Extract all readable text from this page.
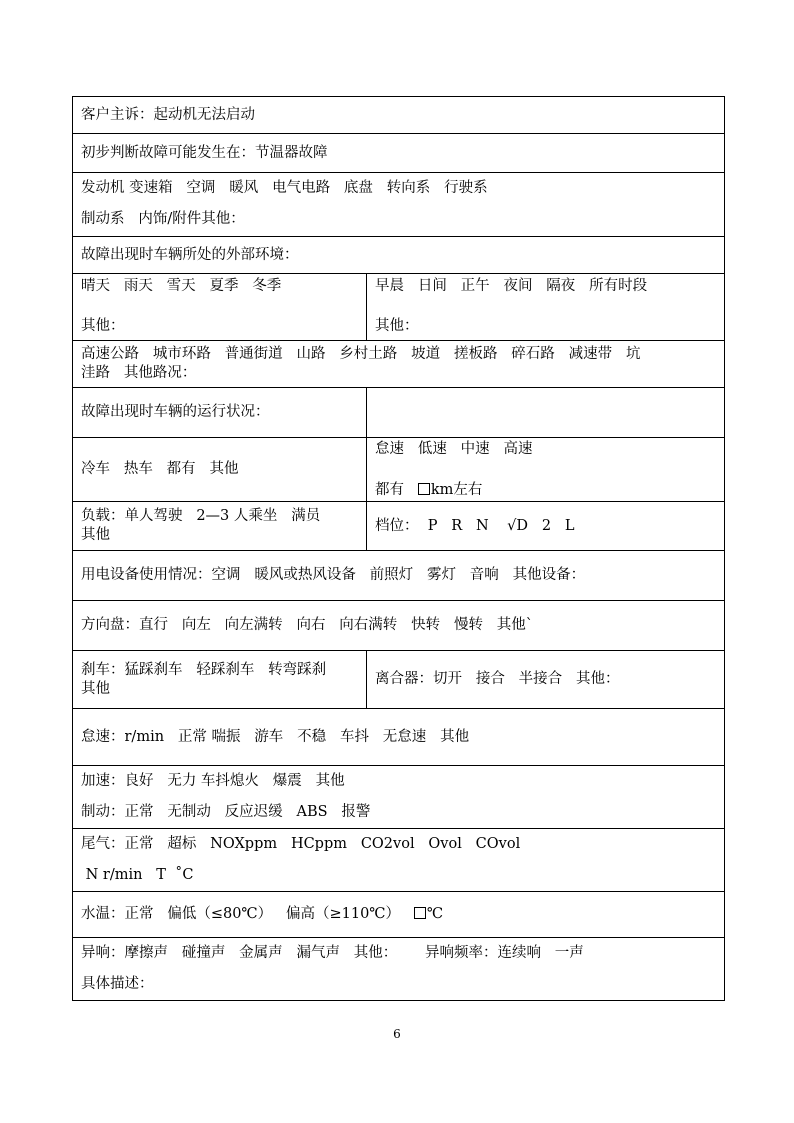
客户主诉：起动机无法启动
初步判断故障可能发生在：节温器故障
发动机 变速箱   空调   暖风   电气电路   底盘   转向系   行驶系
制动系   内饰/附件其他：
故障出现时车辆所处的外部环境：
晴天   雨天   雪天   夏季   冬季
其他：
早晨   日间   正午   夜间   隔夜   所有时段
其他：
高速公路   城市环路   普通街道   山路   乡村土路   坡道   搓板路   碎石路   减速带   坑
洼路   其他路况：
故障出现时车辆的运行状况：
冷车   热车   都有   其他
怠速   低速   中速   高速
都有 km左右
负载：单人驾驶   2—3 人乘坐   满员
其他
档位：  P   R   N    √D   2   L
用电设备使用情况：空调   暖风或热风设备   前照灯   雾灯   音响   其他设备：
方向盘：直行   向左   向左满转   向右   向右满转   快转   慢转   其他`
刹车：猛踩刹车   轻踩刹车   转弯踩刹
其他
离合器：切开   接合   半接合   其他：
怠速：r/min   正常 喘振   游车   不稳   车抖   无怠速   其他
加速：良好   无力 车抖熄火   爆震   其他
制动：正常   无制动   反应迟缓   ABS   报警
尾气：正常   超标   NOXppm   HCppm   CO2vol   Ovol   COvol
N r/min   T  ˚C
水温：正常   偏低（≤80℃）   偏高（≥110℃） ℃
异响：摩擦声   碰撞声   金属声   漏气声   其他：      异响频率：连续响   一声
具体描述：
6
